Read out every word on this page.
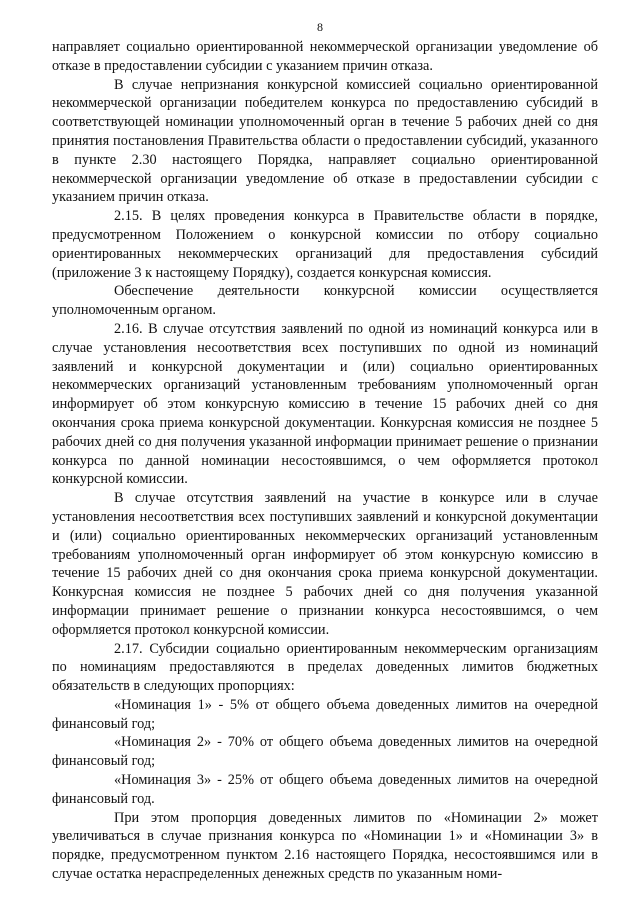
8

направляет социально ориентированной некоммерческой организации уведомление об отказе в предоставлении субсидии с указанием причин отказа.

В случае непризнания конкурсной комиссией социально ориентированной некоммерческой организации победителем конкурса по предоставлению субсидий в соответствующей номинации уполномоченный орган в течение 5 рабочих дней со дня принятия постановления Правительства области о предоставлении субсидий, указанного в пункте 2.30 настоящего Порядка, направляет социально ориентированной некоммерческой организации уведомление об отказе в предоставлении субсидии с указанием причин отказа.

2.15. В целях проведения конкурса в Правительстве области в порядке, предусмотренном Положением о конкурсной комиссии по отбору социально ориентированных некоммерческих организаций для предоставления субсидий (приложение 3 к настоящему Порядку), создается конкурсная комиссия.

Обеспечение деятельности конкурсной комиссии осуществляется уполномоченным органом.

2.16. В случае отсутствия заявлений по одной из номинаций конкурса или в случае установления несоответствия всех поступивших по одной из номинаций заявлений и конкурсной документации и (или) социально ориентированных некоммерческих организаций установленным требованиям уполномоченный орган информирует об этом конкурсную комиссию в течение 15 рабочих дней со дня окончания срока приема конкурсной документации. Конкурсная комиссия не позднее 5 рабочих дней со дня получения указанной информации принимает решение о признании конкурса по данной номинации несостоявшимся, о чем оформляется протокол конкурсной комиссии.

В случае отсутствия заявлений на участие в конкурсе или в случае установления несоответствия всех поступивших заявлений и конкурсной документации и (или) социально ориентированных некоммерческих организаций установленным требованиям уполномоченный орган информирует об этом конкурсную комиссию в течение 15 рабочих дней со дня окончания срока приема конкурсной документации. Конкурсная комиссия не позднее 5 рабочих дней со дня получения указанной информации принимает решение о признании конкурса несостоявшимся, о чем оформляется протокол конкурсной комиссии.

2.17. Субсидии социально ориентированным некоммерческим организациям по номинациям предоставляются в пределах доведенных лимитов бюджетных обязательств в следующих пропорциях:

«Номинация 1» - 5% от общего объема доведенных лимитов на очередной финансовый год;

«Номинация 2» - 70% от общего объема доведенных лимитов на очередной финансовый год;

«Номинация 3» - 25% от общего объема доведенных лимитов на очередной финансовый год.

При этом пропорция доведенных лимитов по «Номинации 2» может увеличиваться в случае признания конкурса по «Номинации 1» и «Номинации 3» в порядке, предусмотренном пунктом 2.16 настоящего Порядка, несостоявшимся или в случае остатка нераспределенных денежных средств по указанным номи-
